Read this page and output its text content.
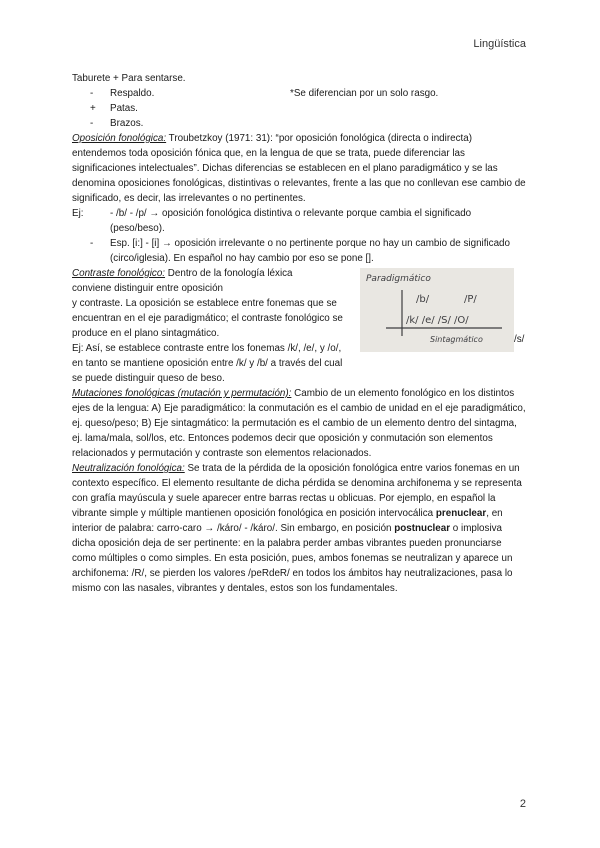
Lingüística

Taburete + Para sentarse.

-	Respaldo.	*Se diferencian por un solo rasgo.
+	Patas.
-	Brazos.

Oposición fonológica: Troubetzkoy (1971: 31): “por oposición fonológica (directa o indirecta) entendemos toda oposición fónica que, en la lengua de que se trata, puede diferenciar las significaciones intelectuales”. Dichas diferencias se establecen en el plano paradigmático y se las denomina oposiciones fonológicas, distintivas o relevantes, frente a las que no conllevan ese cambio de significado, es decir, las irrelevantes o no pertinentes.

Ej:	- /b/ - /p/ → oposición fonológica distintiva o relevante porque cambia el significado (peso/beso).
-	Esp. [i:] - [i] → oposición irrelevante o no pertinente porque no hay un cambio de significado (circo/iglesia). En español no hay cambio por eso se pone [].

Contraste fonológico: Dentro de la fonología léxica

conviene distinguir entre oposición

y contraste. La oposición se establece entre fonemas que se encuentran en el eje paradigmático; el contraste fonológico se produce en el plano sintagmático.

Ej: Así, se establece contraste entre los fonemas /k/, /e/, y /o/, en tanto se mantiene oposición entre /k/ y /b/ a través del cual se puede distinguir queso de beso.

Paradigmático
/b/	/P/
/k/ /e/ /S/ /O/
Sintagmático	/s/

Mutaciones fonológicas (mutación y permutación): Cambio de un elemento fonológico en los distintos ejes de la lengua: A) Eje paradigmático: la conmutación es el cambio de unidad en el eje paradigmático, ej. queso/peso; B) Eje sintagmático: la permutación es el cambio de un elemento dentro del sintagma, ej. lama/mala, sol/los, etc. Entonces podemos decir que oposición y conmutación son elementos relacionados y permutación y contraste son elementos relacionados.

Neutralización fonológica: Se trata de la pérdida de la oposición fonológica entre varios fonemas en un contexto específico. El elemento resultante de dicha pérdida se denomina archifonema y se representa con grafía mayúscula y suele aparecer entre barras rectas u oblicuas. Por ejemplo, en español la vibrante simple y múltiple mantienen oposición fonológica en posición intervocálica prenuclear, en interior de palabra: carro-caro → /káro/ - /káro/. Sin embargo, en posición postnuclear o implosiva dicha oposición deja de ser pertinente: en la palabra perder ambas vibrantes pueden pronunciarse como múltiples o como simples. En esta posición, pues, ambos fonemas se neutralizan y aparece un archifonema: /R/, se pierden los valores /peRdeR/ en todos los ámbitos hay neutralizaciones, pasa lo mismo con las nasales, vibrantes y dentales, estos son los fundamentales.

2
